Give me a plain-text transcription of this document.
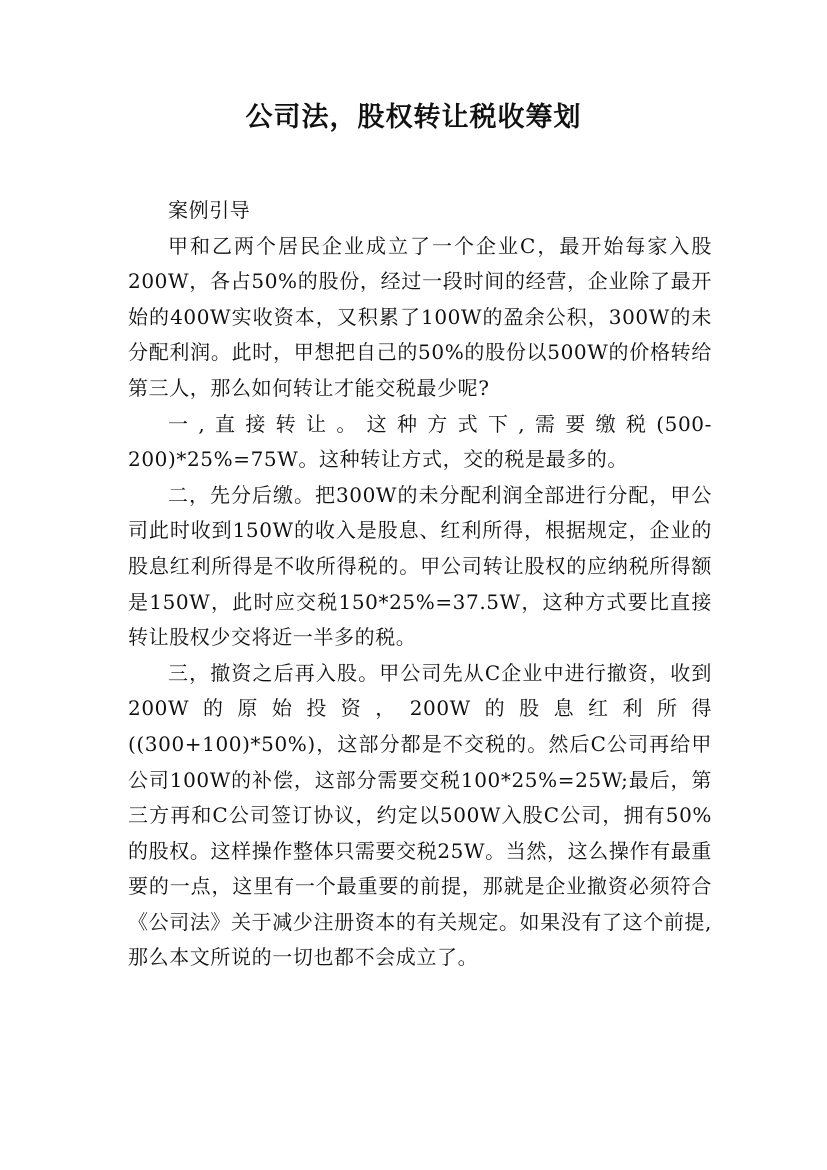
公司法，股权转让税收筹划

案例引导

甲和乙两个居民企业成立了一个企业C，最开始每家入股200W，各占50%的股份，经过一段时间的经营，企业除了最开始的400W实收资本，又积累了100W的盈余公积，300W的未分配利润。此时，甲想把自己的50%的股份以500W的价格转给第三人，那么如何转让才能交税最少呢?

一,直接转让。这种方式下,需要缴税(500-200)*25%=75W。这种转让方式，交的税是最多的。

二，先分后缴。把300W的未分配利润全部进行分配，甲公司此时收到150W的收入是股息、红利所得，根据规定，企业的股息红利所得是不收所得税的。甲公司转让股权的应纳税所得额是150W，此时应交税150*25%=37.5W，这种方式要比直接转让股权少交将近一半多的税。

三，撤资之后再入股。甲公司先从C企业中进行撤资，收到200W的原始投资，200W的股息红利所得((300+100)*50%)，这部分都是不交税的。然后C公司再给甲公司100W的补偿，这部分需要交税100*25%=25W;最后，第三方再和C公司签订协议，约定以500W入股C公司，拥有50%的股权。这样操作整体只需要交税25W。当然，这么操作有最重要的一点，这里有一个最重要的前提，那就是企业撤资必须符合《公司法》关于减少注册资本的有关规定。如果没有了这个前提,那么本文所说的一切也都不会成立了。
